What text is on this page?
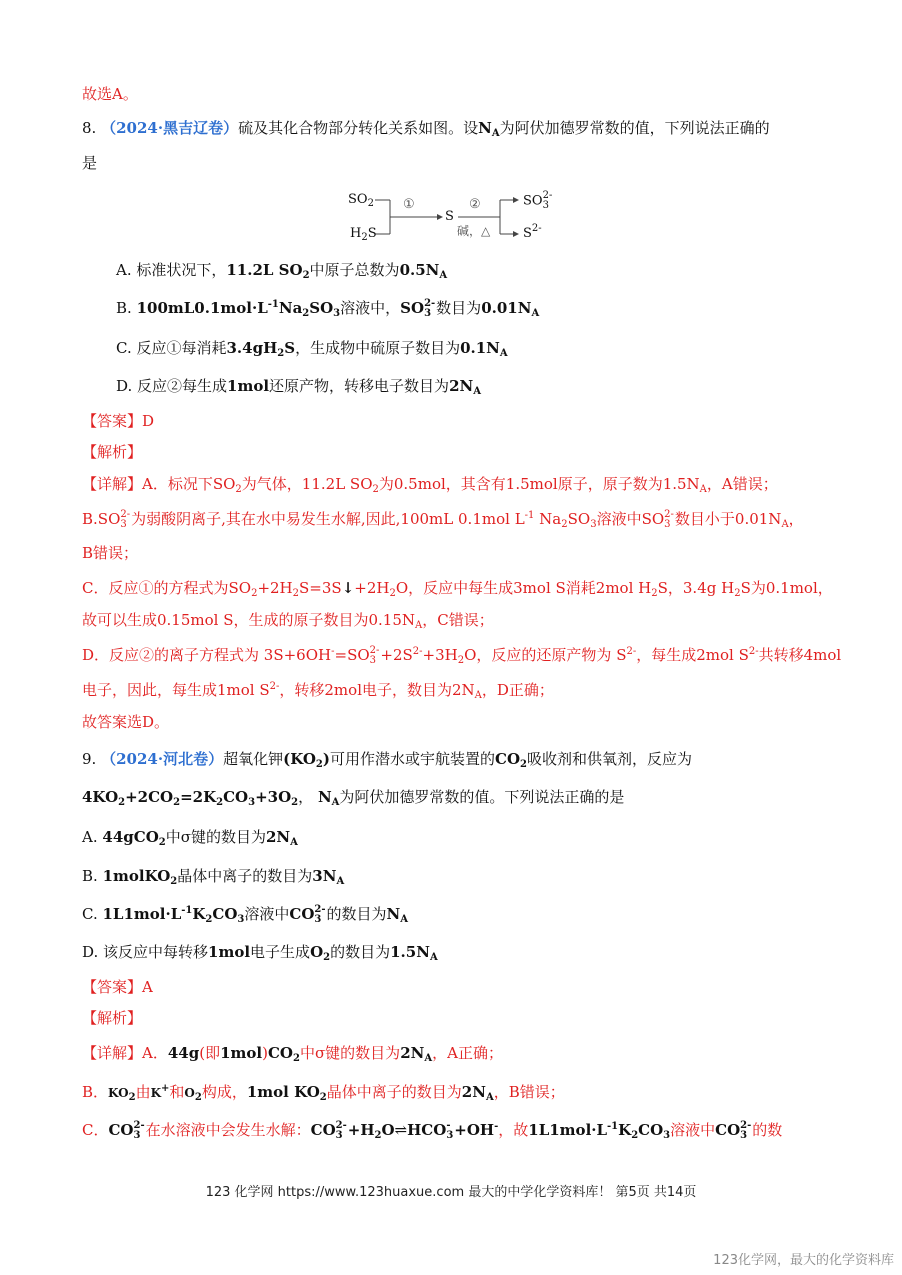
故选A。
8. （2024·黑吉辽卷）硫及其化合物部分转化关系如图。设$N_A$为阿伏加德罗常数的值，下列说法正确的
是
$SO_2$
$H_2S$
①
S
②
碱，△
SO 2-
3
$S^{2-}$
A. 标准状况下，11.2L $SO_2$中原子总数为$0.5N_A$
B. $100mL0.1mol\cdot L^{-1}Na_2SO_3$溶液中，SO 2-
3 数目为$0.01N_A$
C. 反应①每消耗$3.4gH_2S$，生成物中硫原子数目为$0.1N_A$
D. 反应②每生成1mol还原产物，转移电子数目为$2N_A$
【答案】D
【解析】
【详解】A．标况下$SO_2$为气体，11.2L $SO_2$为0.5mol，其含有1.5mol原子，原子数为$1.5N_A$，A错误；
B.SO 2-
3 为弱酸阴离子,其在水中易发生水解,因此,100mL 0.1mol $L^{-1}$ $Na_2SO_3$溶液中SO 2-
3 数目小于$0.01N_A$，
B错误；
C．反应①的方程式为$SO_2+2H_2S=3S↓+2H_2O$，反应中每生成3mol S消耗2mol $H_2S$，3.4g $H_2S$为0.1mol，
故可以生成0.15mol S，生成的原子数目为$0.15N_A$，C错误；
D．反应②的离子方程式为 3S+6OH-=SO 2-
$3 +2S^{2-}+3H_2O$，反应的还原产物为 $S^{2-}$，每生成2mol $S^{2-}$共转移4mol
电子，因此，每生成1mol $S^{2-}$，转移2mol电子，数目为$2N_A$，D正确；
故答案选D。
9. （2024·河北卷）超氧化钾$(KO_2)$可用作潜水或宇航装置的$CO_2$吸收剂和供氧剂，反应为
$4KO_2+2CO_2=2K_2CO_3+3O_2$， $N_A$为阿伏加德罗常数的值。下列说法正确的是
A. 44gCO$_2$中σ键的数目为$2N_A$
B. 1molKO$_2$晶体中离子的数目为$3N_A$
C. $1L1mol\cdot L^{-1}K_2CO_3$溶液中CO 2-
3 的数目为$N_A$
D. 该反应中每转移1mol电子生成$O_2$的数目为$1.5N_A$
【答案】A
【解析】
【详解】A．44g(即$1mol)CO_2$中σ键的数目为$2N_A$，A正确；
B．$KO_2$由K+和$O_2$构成，1mol $KO_2$晶体中离子的数目为$2N_A$，B错误；
C．CO 2-
3 在水溶液中会发生水解：CO 2-
$3 +H_2O\rightleftharpoons HCO$ -
3 +OH-，故$1L1mol\cdot L^{-1}K_2CO_3$溶液中CO 2-
3 的数
123 化学网 https://www.123huaxue.com 最大的中学化学资料库！ 第5页 共14页
123化学网，最大的化学资料库
